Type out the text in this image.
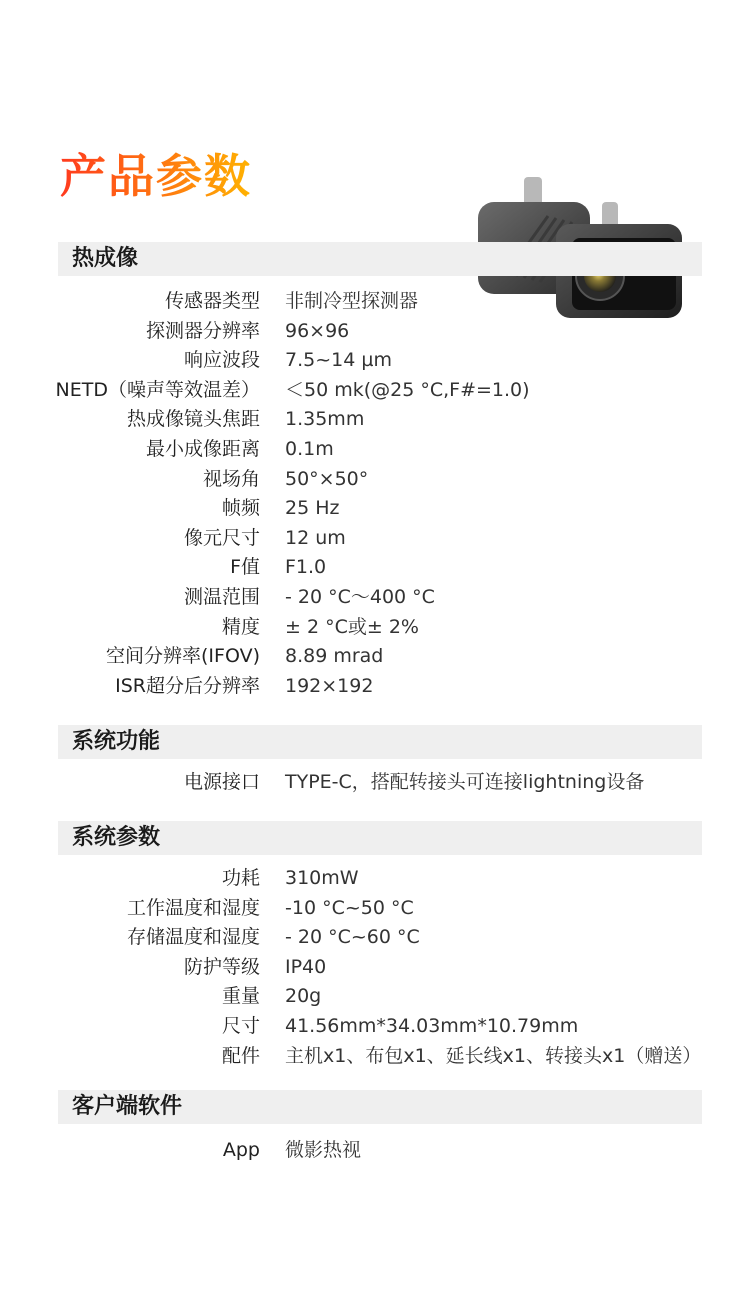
产品参数
热成像
传感器类型 非制冷型探测器
探测器分辨率 96×96
响应波段 7.5~14 µm
NETD（噪声等效温差） ＜50 mk(@25 °C,F#=1.0)
热成像镜头焦距 1.35mm
最小成像距离 0.1m
视场角 50°×50°
帧频 25 Hz
像元尺寸 12 um
F值 F1.0
测温范围 - 20 °C～400 °C
精度 ± 2 °C或± 2%
空间分辨率(IFOV) 8.89 mrad
ISR超分后分辨率 192×192
系统功能
电源接口 TYPE-C，搭配转接头可连接lightning设备
系统参数
功耗 310mW
工作温度和湿度 -10 °C~50 °C
存储温度和湿度 - 20 °C~60 °C
防护等级 IP40
重量 20g
尺寸 41.56mm*34.03mm*10.79mm
配件 主机x1、布包x1、延长线x1、转接头x1（赠送）
客户端软件
App 微影热视
